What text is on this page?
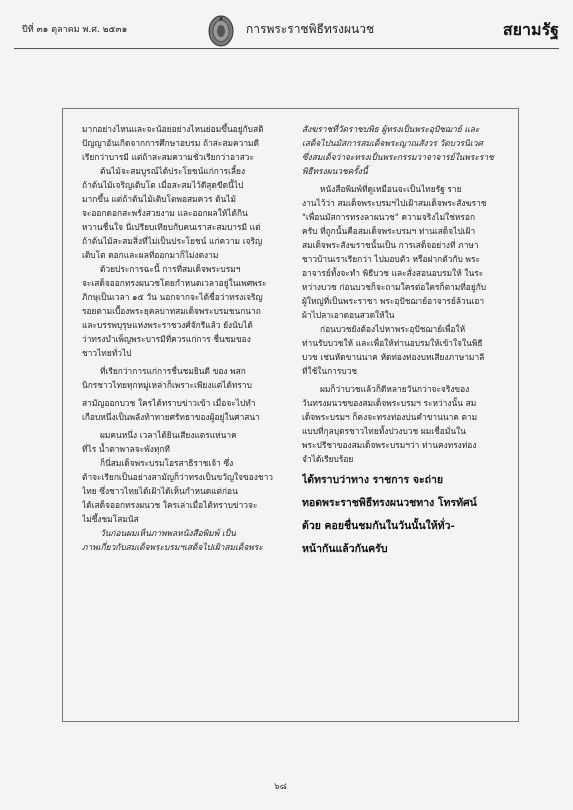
ปีที่ ๓๑ ตุลาคม พ.ศ. ๒๕๓๑	การพระราชพิธีทรงผนวช	สยามรัฐ

มากอย่างไหนและจะน้อยอย่างไหนย่อมขึ้นอยู่กับสติ

ปัญญาอันเกิดจากการศึกษาอบรม ถ้าสะสมความดี

เรียกว่าบารมี แต่ถ้าสะสมความชั่วเรียกว่าอาสวะ

ต้นไม้จะสมบูรณ์ได้ประโยชน์แก่การเลี้ยง

ถ้าต้นไม้เจริญเติบโต เมื่อสะสมไว้ดีสุดขีดนี้ไป

มากขึ้น แต่ถ้าต้นไม้เติบโตพอสมควร ต้นไม้

จะออกดอกสะพรั่งสวยงาม และออกผลให้ได้กิน

หวานชื่นใจ นี่เปรียบเทียบกับคนเราสะสมบารมี แต่

ถ้าต้นไม้สะสมสิ่งที่ไม่เป็นประโยชน์ แก่ความ เจริญ

เติบโต ดอกและผลที่ออกมาก็ไม่งดงาม

ด้วยประการฉะนี้ การที่สมเด็จพระบรมฯ

จะเสด็จออกทรงผนวชโดยกำหนดเวลาอยู่ในเพศพระ

ภิกษุเป็นเวลา ๑๕ วัน นอกจากจะได้ชื่อว่าทรงเจริญ

รอยตามเบื้องพระยุคลบาทสมเด็จพระบรมชนกนาถ

และบรรพบุรุษแห่งพระราชวงศ์จักรีแล้ว ยังนับได้

ว่าทรงบำเพ็ญพระบารมีที่ควรแก่การ ชื่นชมของ

ชาวไทยทั่วไป

ที่เรียกว่าการแก่การชื่นชมยินดี ของ พสก

นิกรชาวไทยทุกหมู่เหล่าก็เพราะเพียงแต่ได้ทราบ

สามัญออกบวช ใครได้ทราบข่าวเข้า เมื่อจะไปทำ

เกือบหนึ่งเป็นพลังท้าทายศรัทธาของผู้อยู่ในศาสนา

ผมคนหนึ่ง เวลาได้ยินเสียงแตรแห่นาค

ที่ไร น้ำตาพาลจะพังทุกที

ก็นี่สมเด็จพระบรมโอรสาธิราชเจ้า ซึ่ง

ต้าจะเรียกเป็นอย่างสามัญก็ว่าทรงเป็นขวัญใจของชาว

ไทย ซึ่งชาวไทยได้เฝ้าได้เห็นกำหนดแต่ก่อน

ได้เสด็จออกทรงผนวช ใครเล่าเมื่อได้ทราบข่าวจะ

ไม่ซึ้งชมโสมนัส

วันก่อนผมเห็นภาพพลหนังสือพิมพ์ เป็น

ภาพเกี่ยวกับสมเด็จพระบรมฯเสด็จไปเฝ้าสมเด็จพระ

สังฆราชที่วัดราชบพิธ ผู้ทรงเป็นพระอุปัชฌาย์ และ

เสด็จไปนมัสการสมเด็จพระญาณสังวร วัดบวรนิเวศ

ซึ่งสมเด็จว่าจะทรงเป็นพระกรรมวาจาจารย์ในพระราช

พิธีทรงผนวชครั้งนี้

หนังสือพิมพ์ที่ดูเหมือนจะเป็นไทยรัฐ ราย

งานไว้ว่า สมเด็จพระบรมฯไปเฝ้าสมเด็จพระสังฆราช

"เพื่อนมัสการทรงลาผนวช" ความจริงไม่ใช่หรอก

ครับ ที่ถูกนั้นคือสมเด็จพระบรมฯ ท่านเสด็จไปเฝ้า

สมเด็จพระสังฆราชนั้นเป็น การเสด็จอย่างที่ ภาษา

ชาวบ้านเราเรียกว่า ไปมอบตัว หรือฝากตัวกับ พระ

อาจารย์ทั้งจะทำ พิธีบวช และสั่งสอนอบรมให้ ในระ

หว่างบวช ก่อนบวชก็จะถามใครต่อใครก็ตามที่อยู่กับ

ผู้ใหญ่ที่เป็นพระราชา พระอุปัชฌาย์อาจารย์ล้วนเอา

ผ้าไปลาเอาดอนสวดให้ใน

ก่อนบวชยังต้องไปหาพระอุปัชฌาย์เพื่อให้

ท่านรับบวชให้ และเพื่อให้ท่านอบรมให้เข้าใจในพิธี

บวช เช่นหัดขานนาค หัดท่องท่องบทเสียงภาษามาลี

ที่ใช้ในการบวช

ผมก็ว่าบวชแล้วก็ดีหลายวันกว่าจะจริงของ

วันทรงผนวชของสมเด็จพระบรมฯ ระหว่างนั้น สม

เด็จพระบรมฯ ก็คงจะทรงท่องบ่นคำขานนาค ตาม

แบบที่กุลบุตรชาวไทยทั้งปวงบวช ผมเชื่อมั่นใน

พระปรีชาของสมเด็จพระบรมฯว่า ท่านคงทรงท่อง

จำได้เรียบร้อย

ได้ทราบว่าทาง ราชการ จะถ่าย

ทอดพระราชพิธีทรงผนวชทาง โทรทัศน์

ด้วย คอยชื่นชมกันในวันนั้นให้ทั่ว-

หน้ากันแล้วกันครับ

๖๘
